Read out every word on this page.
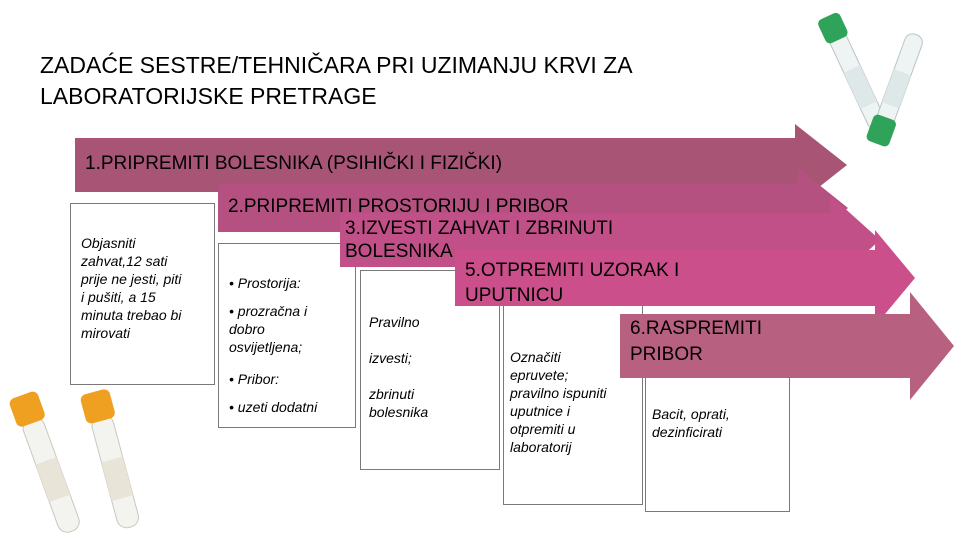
ZADAĆE SESTRE/TEHNIČARA PRI UZIMANJU KRVI ZA LABORATORIJSKE PRETRAGE
Objasniti
zahvat,12 sati
prije ne jesti, piti
i pušiti, a 15
minuta trebao bi
mirovati
• Prostorija:
• prozračna i
dobro
osvijetljena;
• Pribor:
• uzeti dodatni
Pravilno

izvesti;

zbrinuti
bolesnika
Označiti
epruvete;
pravilno ispuniti
uputnice i
otpremiti u
laboratorij
Bacit, oprati,
dezinficirati
1.PRIPREMITI BOLESNIKA (PSIHIČKI I FIZIČKI)
2.PRIPREMITI PROSTORIJU I PRIBOR
3.IZVESTI ZAHVAT I ZBRINUTI
BOLESNIKA
5.OTPREMITI UZORAK I
UPUTNICU
6.RASPREMITI
PRIBOR
